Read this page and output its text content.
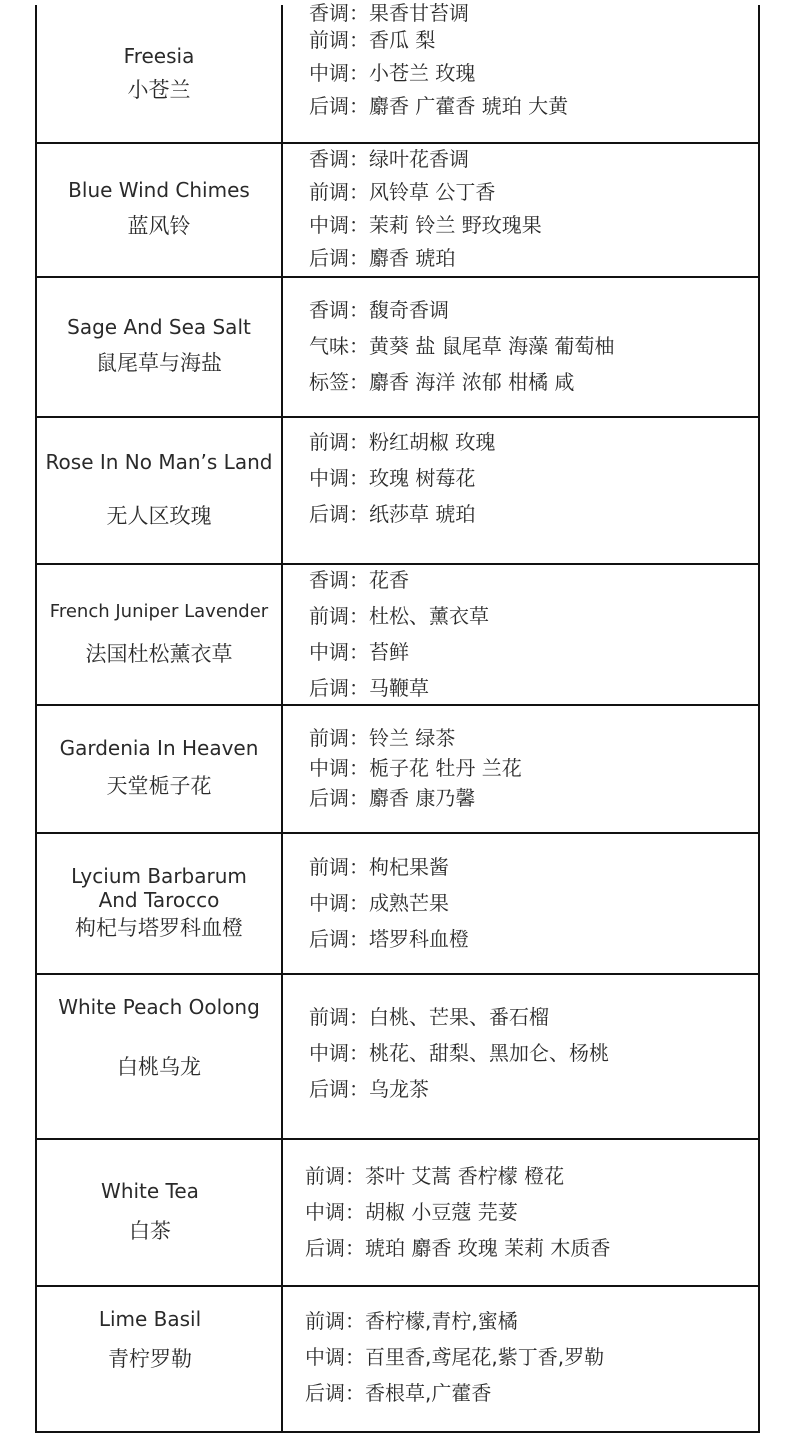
Freesia
小苍兰
香调：果香甘苔调
前调：香瓜 梨
中调：小苍兰 玫瑰
后调：麝香 广藿香 琥珀 大黄
Blue Wind Chimes
蓝风铃
香调：绿叶花香调
前调：风铃草 公丁香
中调：茉莉 铃兰 野玫瑰果
后调：麝香 琥珀
Sage And Sea Salt
鼠尾草与海盐
香调：馥奇香调
气味：黄葵 盐 鼠尾草 海藻 葡萄柚
标签：麝香 海洋 浓郁 柑橘 咸
Rose In No Man’s Land
无人区玫瑰
前调：粉红胡椒 玫瑰
中调：玫瑰 树莓花
后调：纸莎草 琥珀
French Juniper Lavender
法国杜松薰衣草
香调：花香
前调：杜松、薰衣草
中调：苔鲜
后调：马鞭草
Gardenia In Heaven
天堂栀子花
前调：铃兰 绿茶
中调：栀子花 牡丹 兰花
后调：麝香 康乃馨
Lycium Barbarum And Tarocco
枸杞与塔罗科血橙
前调：枸杞果酱
中调：成熟芒果
后调：塔罗科血橙
White Peach Oolong
白桃乌龙
前调：白桃、芒果、番石榴
中调：桃花、甜梨、黑加仑、杨桃
后调：乌龙茶
White Tea
白茶
前调：茶叶 艾蒿 香柠檬 橙花
中调：胡椒 小豆蔻 芫荽
后调：琥珀 麝香 玫瑰 茉莉 木质香
Lime Basil
青柠罗勒
前调：香柠檬,青柠,蜜橘
中调：百里香,鸢尾花,紫丁香,罗勒
后调：香根草,广藿香
